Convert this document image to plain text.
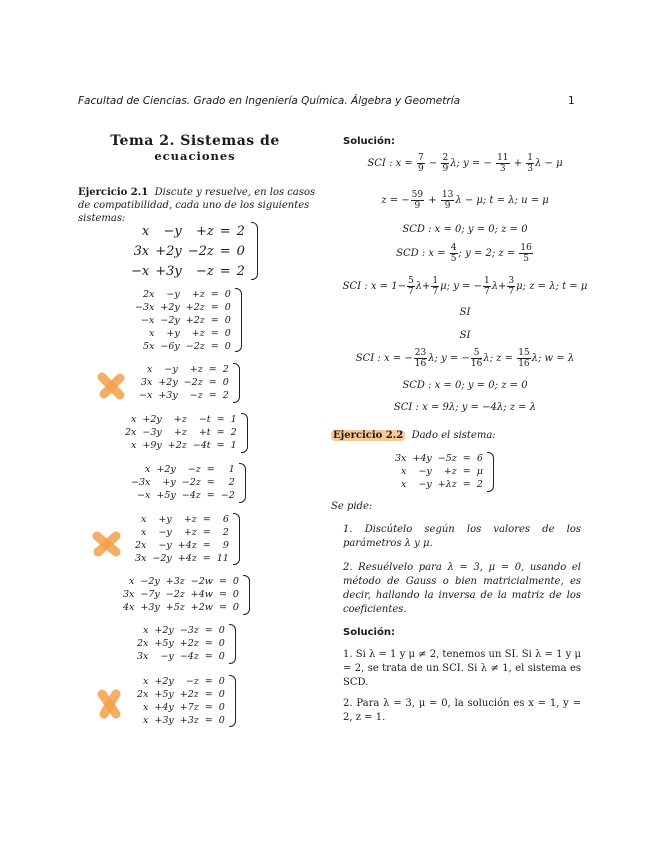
Facultad de Ciencias. Grado en Ingeniería Química. Álgebra y Geometría	1
Tema 2. Sistemas de
ecuaciones
Ejercicio 2.1 Discute y resuelve, en los casos de compatibilidad, cada uno de los siguientes sistemas:
x	−y	+z	=	2
3x	+2y	−2z	=	0
−x	+3y	−z	=	2
2x	−y	+z	=	0
−3x	+2y	+2z	=	0
−x	−2y	+2z	=	0
x	+y	+z	=	0
5x	−6y	−2z	=	0
x	−y	+z	=	2
3x	+2y	−2z	=	0
−x	+3y	−z	=	2
x	+2y	+z	−t	=	1
2x	−3y	+z	+t	=	2
x	+9y	+2z	−4t	=	1
x	+2y	−z	=	1
−3x	+y	−2z	=	2
−x	+5y	−4z	=	−2
x	+y	+z	=	6
x	−y	+z	=	2
2x	−y	+4z	=	9
3x	−2y	+4z	=	11
x	−2y	+3z	−2w	=	0
3x	−7y	−2z	+4w	=	0
4x	+3y	+5z	+2w	=	0
x	+2y	−3z	=	0
2x	+5y	+2z	=	0
3x	−y	−4z	=	0
x	+2y	−z	=	0
2x	+5y	+2z	=	0
x	+4y	+7z	=	0
x	+3y	+3z	=	0
Solución:
SCI : $x = \frac{7}{9} - \frac{2}{9} \lambda$; y = − $\frac{11}{3} + \frac{1}{3}$ λ − μ
z = − $\frac{59}{9} + \frac{13}{9}$ λ − μ; t = λ; u = μ
SCD : x = 0; y = 0; z = 0
SCD : $x = \frac{4}{5}$ ; y = 2; $z = \frac{16}{5}$
SCI : $x = 1- \frac{5}{7} \lambda+ \frac{1}{7} \mu$; y = − $\frac{1}{7} \lambda+ \frac{3}{7} \mu$; z = λ; t = μ
SI
SI
SCI : x = − $\frac{23}{16} \lambda$; y = − $\frac{5}{16} \lambda$; $z = \frac{15}{16} \lambda$; w = λ
SCD : x = 0; y = 0; z = 0
SCI : x = 9λ; y = −4λ; z = λ
Ejercicio 2.2 Dado el sistema:
3x	+4y	−5z	=	6
x	−y	+z	=	μ
x	−y	+λz	=	2
Se pide:
1. Discútelo según los valores de los parámetros λ y μ.
2. Resuélvelo para λ = 3, μ = 0, usando el método de Gauss o bien matricialmente, es decir, hallando la inversa de la matriz de los coeficientes.
Solución:
1. Si λ = 1 y μ ≠ 2, tenemos un SI. Si λ = 1 y μ = 2, se trata de un SCI. Si λ ≠ 1, el sistema es SCD.
2. Para λ = 3, μ = 0, la solución es x = 1, y = 2, z = 1.
